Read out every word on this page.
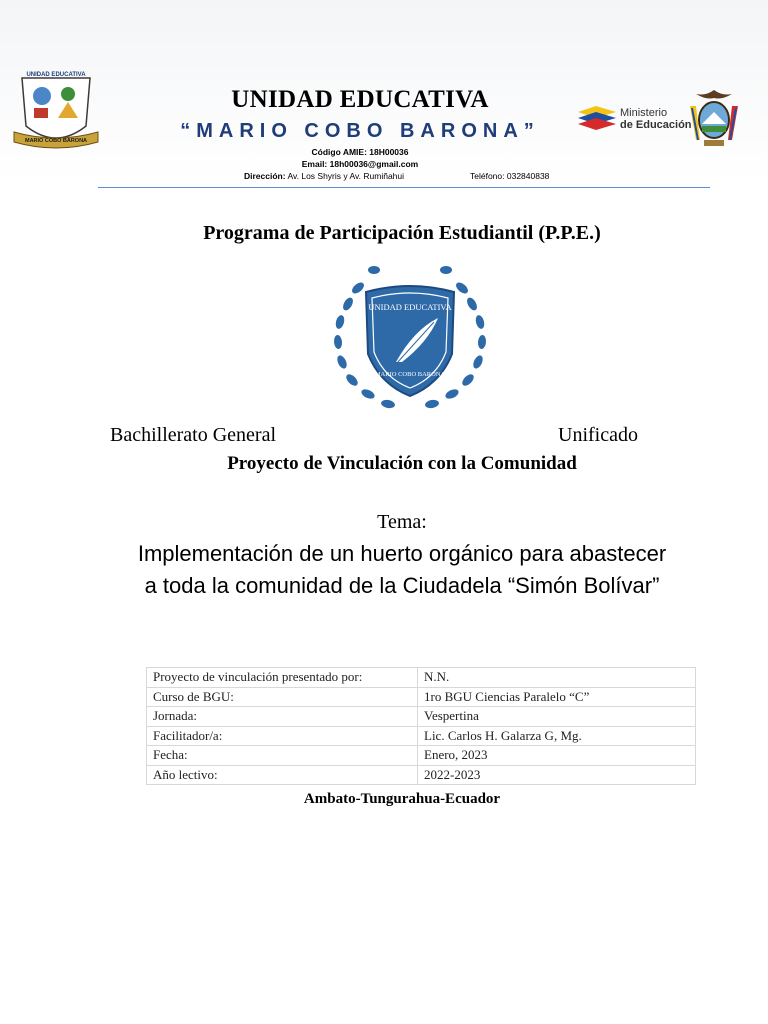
UNIDAD EDUCATIVA
MARIO COBO BARONA
UNIDAD EDUCATIVA
“MARIO COBO BARONA”
Código AMIE: 18H00036
Email: 18h00036@gmail.com
Dirección: Av. Los Shyris y Av. Rumiñahui	Teléfono: 032840838
Ministerio
de Educación
Programa de Participación Estudiantil (P.P.E.)
UNIDAD EDUCATIVA
MARIO COBO BARONA
Bachillerato General	Unificado
Proyecto de Vinculación con la Comunidad
Tema:
Implementación de un huerto orgánico para abastecer
a toda la comunidad de la Ciudadela “Simón Bolívar”
Proyecto de vinculación presentado por:	N.N.
Curso de BGU:	1ro BGU Ciencias Paralelo “C”
Jornada:	Vespertina
Facilitador/a:	Lic. Carlos H. Galarza G, Mg.
Fecha:	Enero, 2023
Año lectivo:	2022-2023
Ambato-Tungurahua-Ecuador
